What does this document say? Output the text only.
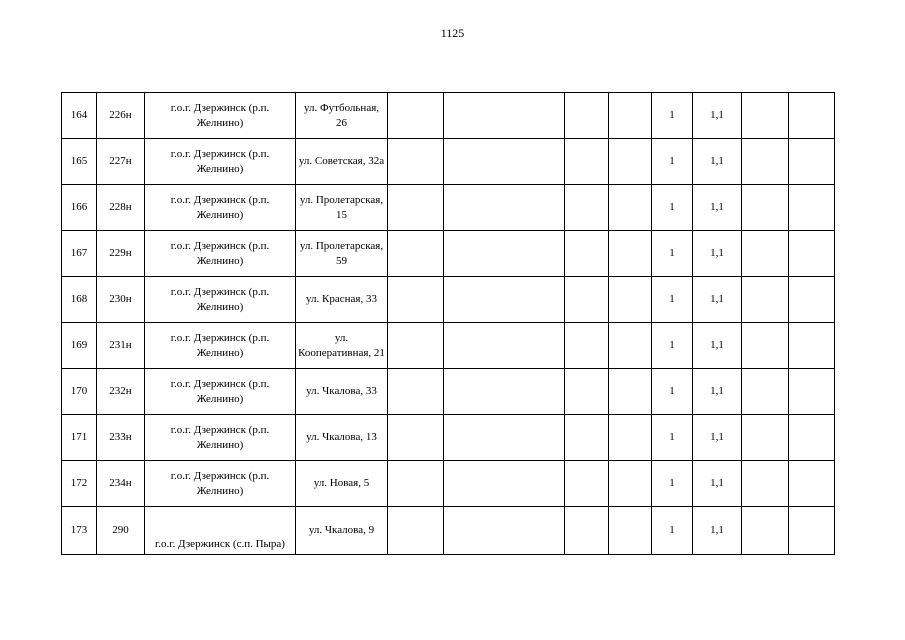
1125
164	226н	г.о.г. Дзержинск (р.п. Желнино)	ул. Футбольная, 26					1	1,1		
165	227н	г.о.г. Дзержинск (р.п. Желнино)	ул. Советская, 32а					1	1,1		
166	228н	г.о.г. Дзержинск (р.п. Желнино)	ул. Пролетарская, 15					1	1,1		
167	229н	г.о.г. Дзержинск (р.п. Желнино)	ул. Пролетарская, 59					1	1,1		
168	230н	г.о.г. Дзержинск (р.п. Желнино)	ул. Красная, 33					1	1,1		
169	231н	г.о.г. Дзержинск (р.п. Желнино)	ул. Кооперативная, 21					1	1,1		
170	232н	г.о.г. Дзержинск (р.п. Желнино)	ул. Чкалова, 33					1	1,1		
171	233н	г.о.г. Дзержинск (р.п. Желнино)	ул. Чкалова, 13					1	1,1		
172	234н	г.о.г. Дзержинск (р.п. Желнино)	ул. Новая, 5					1	1,1		
173	290	г.о.г. Дзержинск (с.п. Пыра)	ул. Чкалова, 9					1	1,1		
